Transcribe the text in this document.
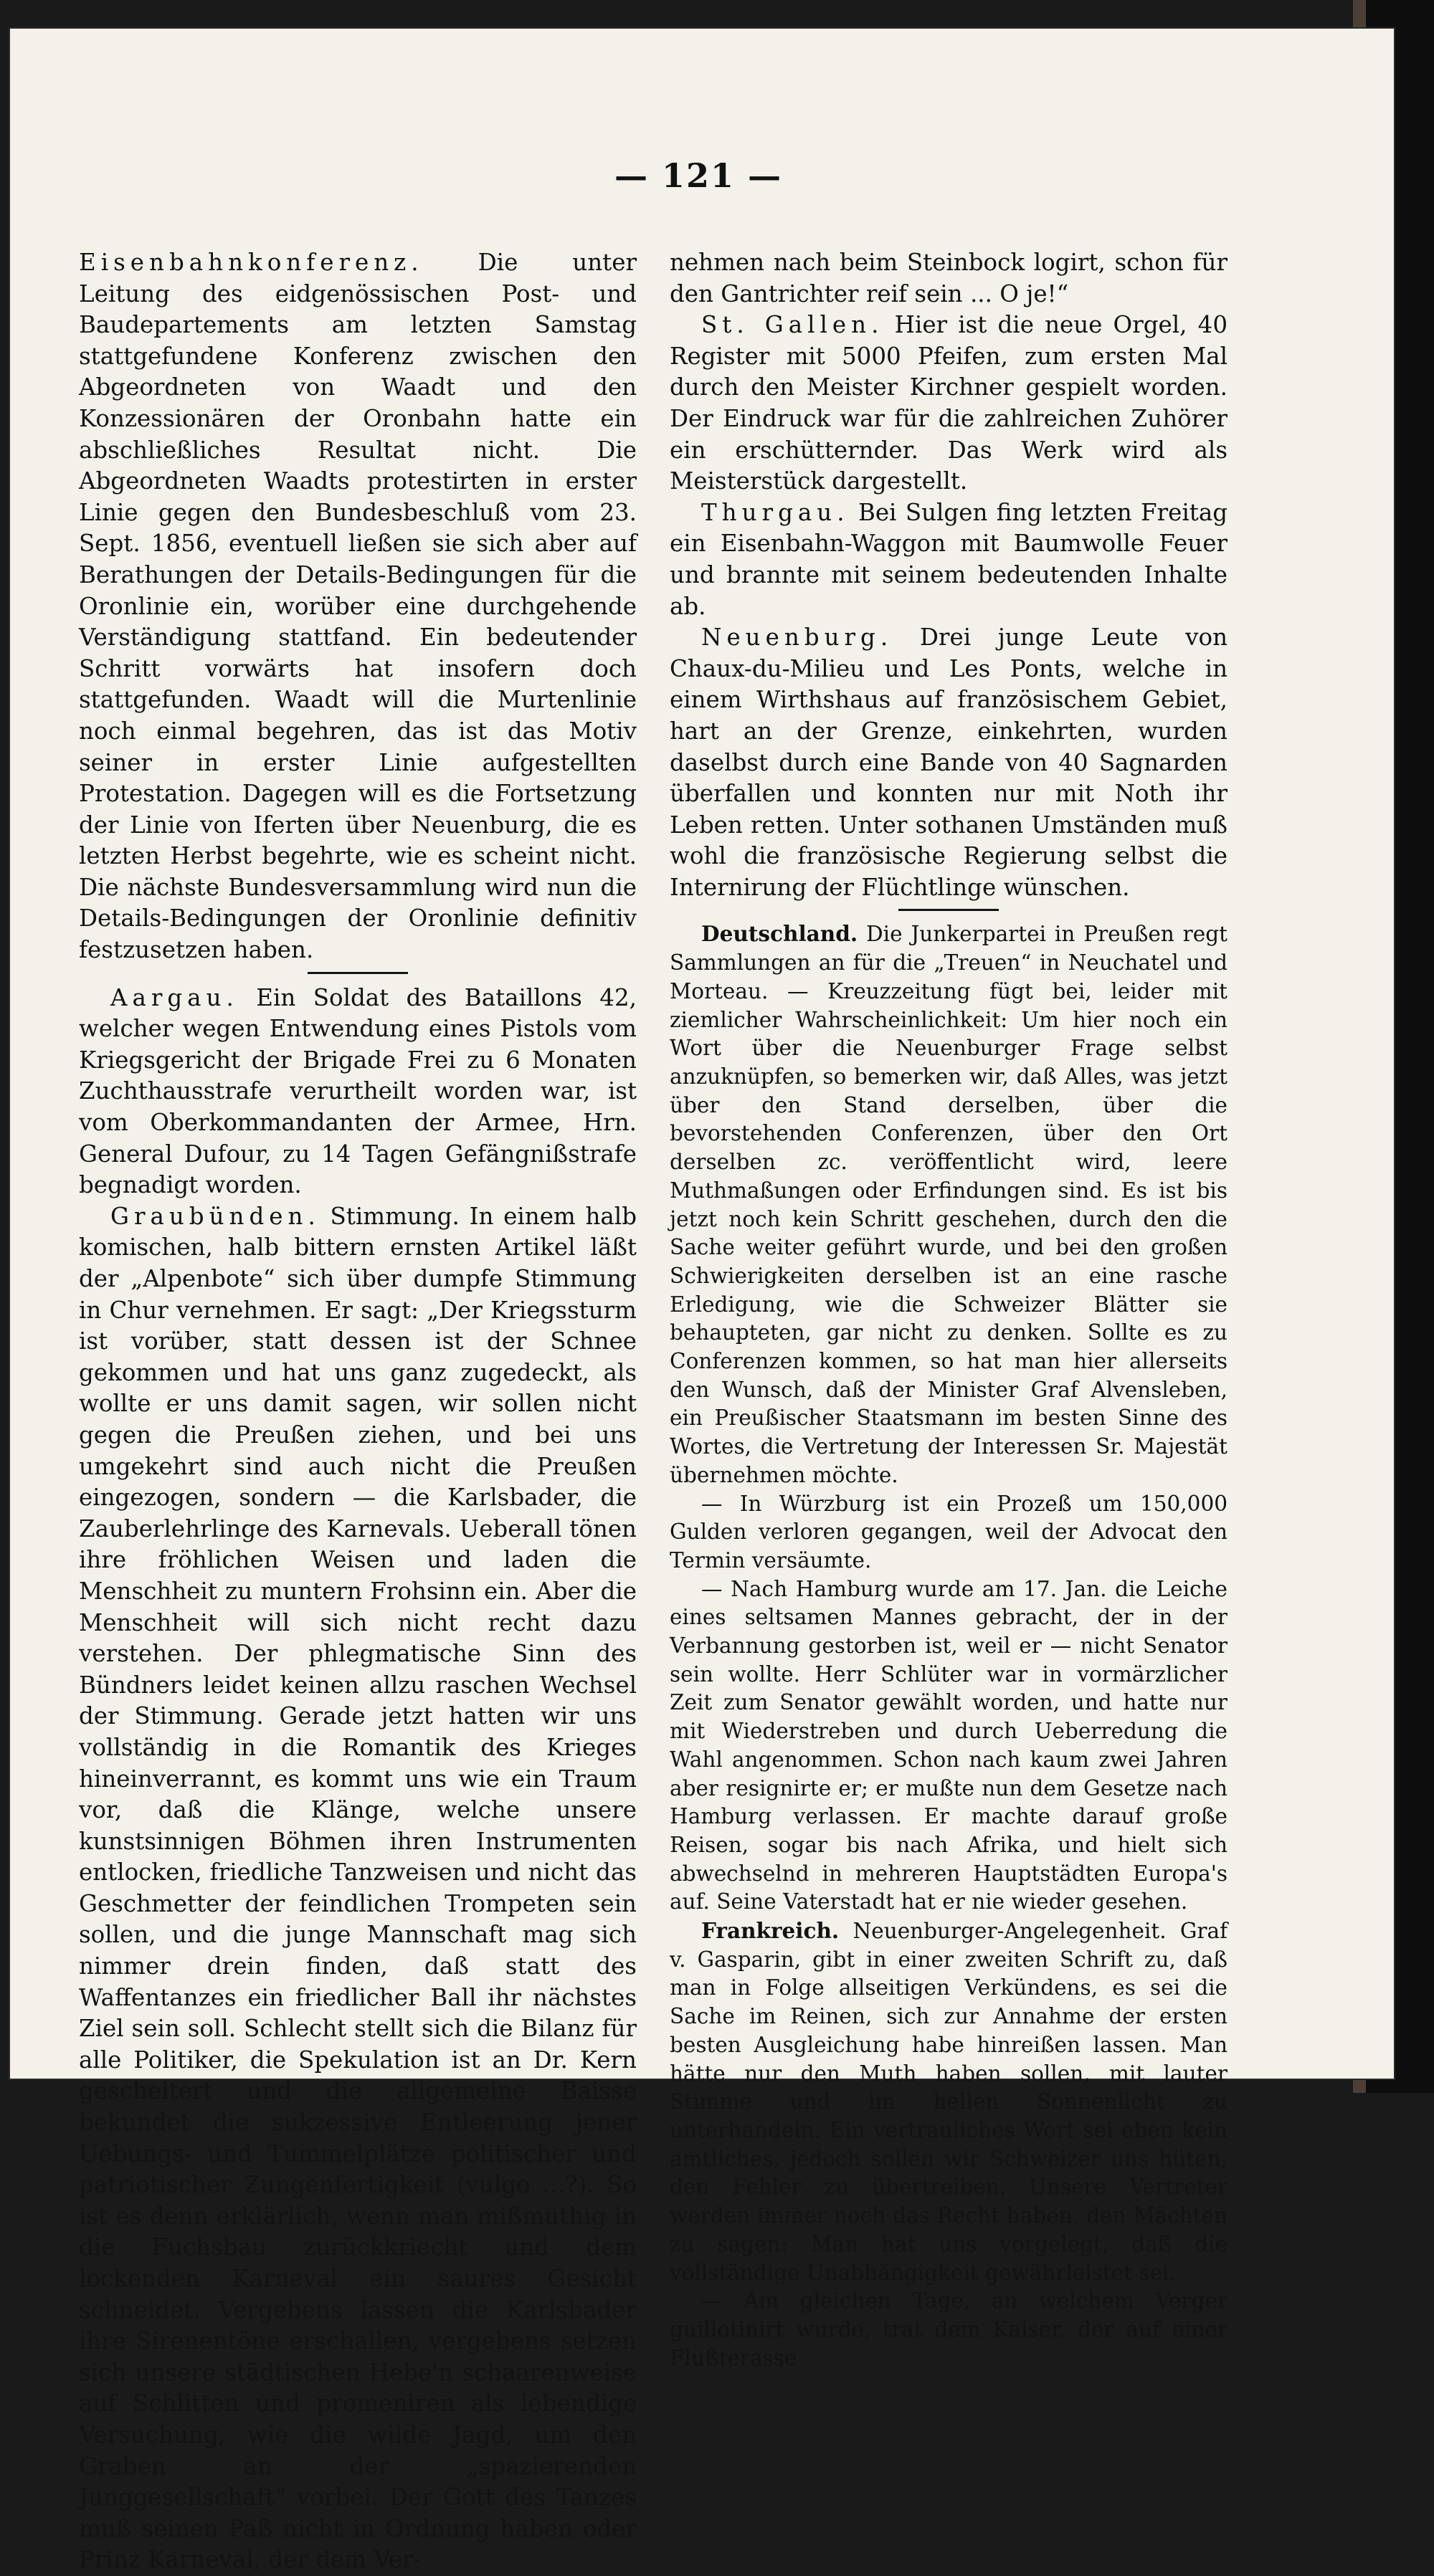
— 121 —

Eisenbahnkonferenz. Die unter Leitung des eidgenössischen Post- und Baudepartements am letzten Samstag stattgefundene Konferenz zwischen den Abgeordneten von Waadt und den Konzessionären der Oronbahn hatte ein abschließliches Resultat nicht. Die Abgeordneten Waadts protestirten in erster Linie gegen den Bundesbeschluß vom 23. Sept. 1856, eventuell ließen sie sich aber auf Berathungen der Details-Bedingungen für die Oronlinie ein, worüber eine durchgehende Verständigung stattfand. Ein bedeutender Schritt vorwärts hat insofern doch stattgefunden. Waadt will die Murtenlinie noch einmal begehren, das ist das Motiv seiner in erster Linie aufgestellten Protestation. Dagegen will es die Fortsetzung der Linie von Iferten über Neuenburg, die es letzten Herbst begehrte, wie es scheint nicht. Die nächste Bundesversammlung wird nun die Details-Bedingungen der Oronlinie definitiv festzusetzen haben.

Aargau. Ein Soldat des Bataillons 42, welcher wegen Entwendung eines Pistols vom Kriegsgericht der Brigade Frei zu 6 Monaten Zuchthausstrafe verurtheilt worden war, ist vom Oberkommandanten der Armee, Hrn. General Dufour, zu 14 Tagen Gefängnißstrafe begnadigt worden.

Graubünden. Stimmung. In einem halb komischen, halb bittern ernsten Artikel läßt der „Alpenbote“ sich über dumpfe Stimmung in Chur vernehmen. Er sagt: „Der Kriegssturm ist vorüber, statt dessen ist der Schnee gekommen und hat uns ganz zugedeckt, als wollte er uns damit sagen, wir sollen nicht gegen die Preußen ziehen, und bei uns umgekehrt sind auch nicht die Preußen eingezogen, sondern — die Karlsbader, die Zauberlehrlinge des Karnevals. Ueberall tönen ihre fröhlichen Weisen und laden die Menschheit zu muntern Frohsinn ein. Aber die Menschheit will sich nicht recht dazu verstehen. Der phlegmatische Sinn des Bündners leidet keinen allzu raschen Wechsel der Stimmung. Gerade jetzt hatten wir uns vollständig in die Romantik des Krieges hineinverrannt, es kommt uns wie ein Traum vor, daß die Klänge, welche unsere kunstsinnigen Böhmen ihren Instrumenten entlocken, friedliche Tanzweisen und nicht das Geschmetter der feindlichen Trompeten sein sollen, und die junge Mannschaft mag sich nimmer drein finden, daß statt des Waffentanzes ein friedlicher Ball ihr nächstes Ziel sein soll. Schlecht stellt sich die Bilanz für alle Politiker, die Spekulation ist an Dr. Kern gescheitert und die allgemeine Baisse bekundet die sukzessive Entleerung jener Uebungs- und Tummelplätze politischer und patriotischer Zungenfertigkeit (vulgo ...?). So ist es denn erklärlich, wenn man mißmuthig in die Fuchsbau zurückkriecht und dem lockenden Karneval ein saures Gesicht schneidet. Vergebens lassen die Karlsbader ihre Sirenentöne erschallen, vergebens setzen sich unsere städtischen Hebe'n schaarenweise auf Schlitten und promeniren als lebendige Versuchung, wie die wilde Jagd, um den Graben an der „spazierenden Junggesellschaft“ vorbei. Der Gott des Tanzes muß seinen Paß nicht in Ordnung haben oder Prinz Karneval, der dem Ver-

nehmen nach beim Steinbock logirt, schon für den Gantrichter reif sein ... O je!“

St. Gallen. Hier ist die neue Orgel, 40 Register mit 5000 Pfeifen, zum ersten Mal durch den Meister Kirchner gespielt worden. Der Eindruck war für die zahlreichen Zuhörer ein erschütternder. Das Werk wird als Meisterstück dargestellt.

Thurgau. Bei Sulgen fing letzten Freitag ein Eisenbahn-Waggon mit Baumwolle Feuer und brannte mit seinem bedeutenden Inhalte ab.

Neuenburg. Drei junge Leute von Chaux-du-Milieu und Les Ponts, welche in einem Wirthshaus auf französischem Gebiet, hart an der Grenze, einkehrten, wurden daselbst durch eine Bande von 40 Sagnarden überfallen und konnten nur mit Noth ihr Leben retten. Unter sothanen Umständen muß wohl die französische Regierung selbst die Internirung der Flüchtlinge wünschen.

Deutschland. Die Junkerpartei in Preußen regt Sammlungen an für die „Treuen“ in Neuchatel und Morteau. — Kreuzzeitung fügt bei, leider mit ziemlicher Wahrscheinlichkeit: Um hier noch ein Wort über die Neuenburger Frage selbst anzuknüpfen, so bemerken wir, daß Alles, was jetzt über den Stand derselben, über die bevorstehenden Conferenzen, über den Ort derselben zc. veröffentlicht wird, leere Muthmaßungen oder Erfindungen sind. Es ist bis jetzt noch kein Schritt geschehen, durch den die Sache weiter geführt wurde, und bei den großen Schwierigkeiten derselben ist an eine rasche Erledigung, wie die Schweizer Blätter sie behaupteten, gar nicht zu denken. Sollte es zu Conferenzen kommen, so hat man hier allerseits den Wunsch, daß der Minister Graf Alvensleben, ein Preußischer Staatsmann im besten Sinne des Wortes, die Vertretung der Interessen Sr. Majestät übernehmen möchte.

— In Würzburg ist ein Prozeß um 150,000 Gulden verloren gegangen, weil der Advocat den Termin versäumte.

— Nach Hamburg wurde am 17. Jan. die Leiche eines seltsamen Mannes gebracht, der in der Verbannung gestorben ist, weil er — nicht Senator sein wollte. Herr Schlüter war in vormärzlicher Zeit zum Senator gewählt worden, und hatte nur mit Wiederstreben und durch Ueberredung die Wahl angenommen. Schon nach kaum zwei Jahren aber resignirte er; er mußte nun dem Gesetze nach Hamburg verlassen. Er machte darauf große Reisen, sogar bis nach Afrika, und hielt sich abwechselnd in mehreren Hauptstädten Europa's auf. Seine Vaterstadt hat er nie wieder gesehen.

Frankreich. Neuenburger-Angelegenheit. Graf v. Gasparin, gibt in einer zweiten Schrift zu, daß man in Folge allseitigen Verkündens, es sei die Sache im Reinen, sich zur Annahme der ersten besten Ausgleichung habe hinreißen lassen. Man hätte nur den Muth haben sollen, mit lauter Stimme und im hellen Sonnenlicht zu unterhandeln. Ein vertrauliches Wort sei eben kein amtliches, jedoch sollen wir Schweizer uns hüten, den Fehler zu übertreiben. Unsere Vertreter werden immer noch das Recht haben, den Mächten zu sagen: Man hat uns vorgelegt, daß die vollständige Unabhängigkeit gewährleistet sei.

— Am gleichen Tage, an welchem Verger guillotinirt wurde, trat dem Kaiser, der auf einer Flußterasse
